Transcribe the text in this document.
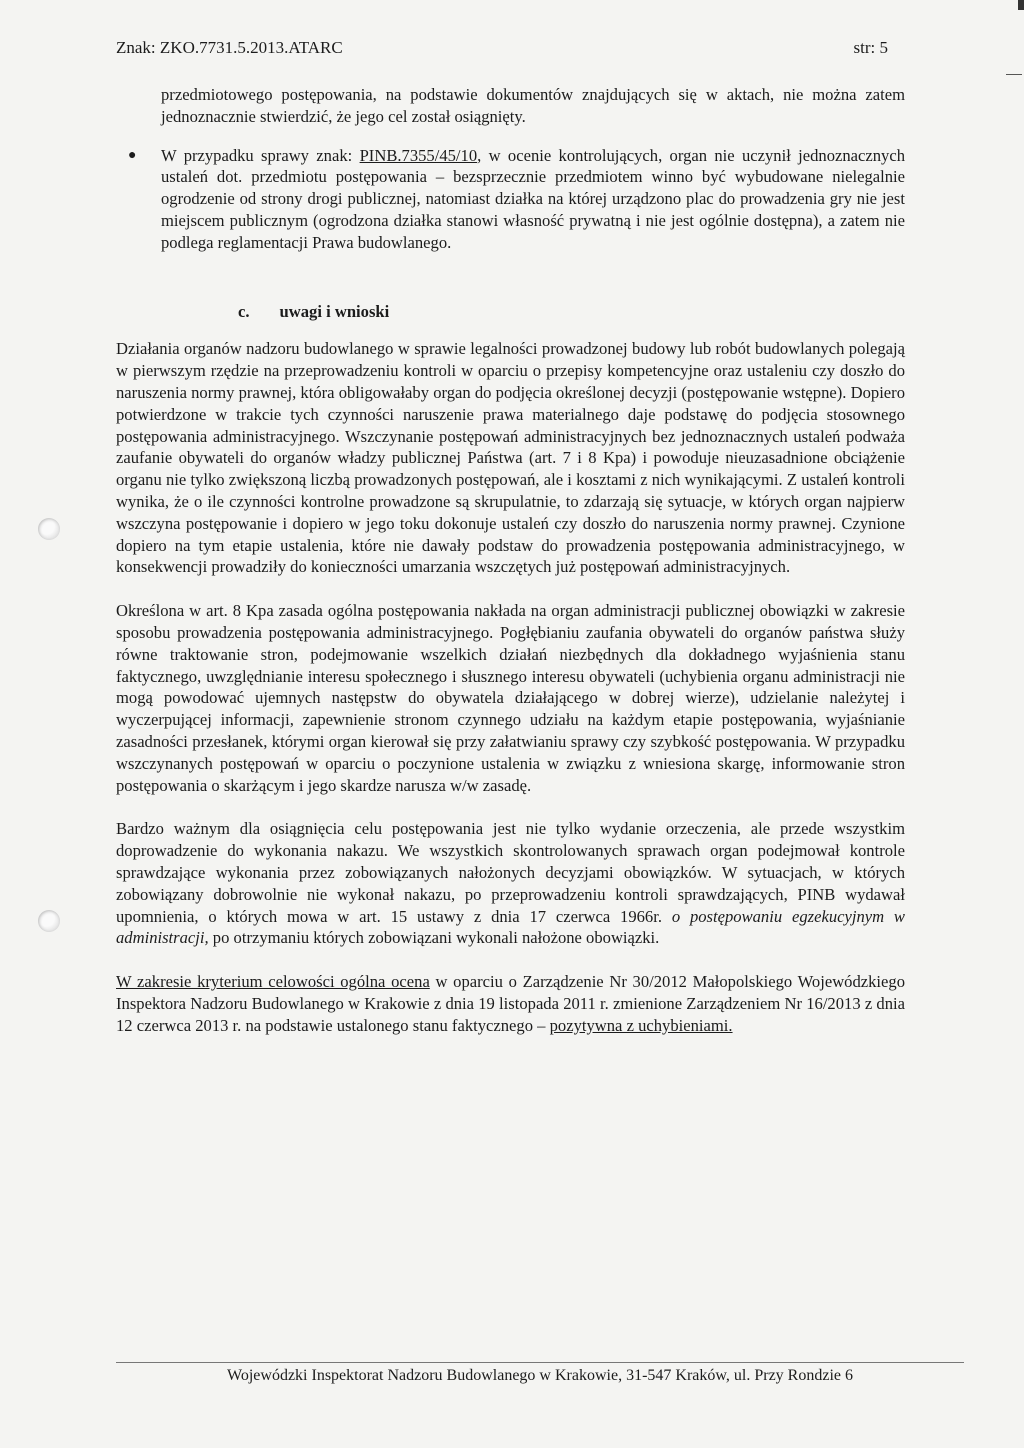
Znak: ZKO.7731.5.2013.ATARC	str: 5

przedmiotowego postępowania, na podstawie dokumentów znajdujących się w aktach, nie można zatem jednoznacznie stwierdzić, że jego cel został osiągnięty.

●	W przypadku sprawy znak: PINB.7355/45/10, w ocenie kontrolujących, organ nie uczynił jednoznacznych ustaleń dot. przedmiotu postępowania – bezsprzecznie przedmiotem winno być wybudowane nielegalnie ogrodzenie od strony drogi publicznej, natomiast działka na której urządzono plac do prowadzenia gry nie jest miejscem publicznym (ogrodzona działka stanowi własność prywatną i nie jest ogólnie dostępna), a zatem nie podlega reglamentacji Prawa budowlanego.
c. uwagi i wnioski

Działania organów nadzoru budowlanego w sprawie legalności prowadzonej budowy lub robót budowlanych polegają w pierwszym rzędzie na przeprowadzeniu kontroli w oparciu o przepisy kompetencyjne oraz ustaleniu czy doszło do naruszenia normy prawnej, która obligowałaby organ do podjęcia określonej decyzji (postępowanie wstępne). Dopiero potwierdzone w trakcie tych czynności naruszenie prawa materialnego daje podstawę do podjęcia stosownego postępowania administracyjnego. Wszczynanie postępowań administracyjnych bez jednoznacznych ustaleń podważa zaufanie obywateli do organów władzy publicznej Państwa (art. 7 i 8 Kpa) i powoduje nieuzasadnione obciążenie organu nie tylko zwiększoną liczbą prowadzonych postępowań, ale i kosztami z nich wynikającymi. Z ustaleń kontroli wynika, że o ile czynności kontrolne prowadzone są skrupulatnie, to zdarzają się sytuacje, w których organ najpierw wszczyna postępowanie i dopiero w jego toku dokonuje ustaleń czy doszło do naruszenia normy prawnej. Czynione dopiero na tym etapie ustalenia, które nie dawały podstaw do prowadzenia postępowania administracyjnego, w konsekwencji prowadziły do konieczności umarzania wszczętych już postępowań administracyjnych.

Określona w art. 8 Kpa zasada ogólna postępowania nakłada na organ administracji publicznej obowiązki w zakresie sposobu prowadzenia postępowania administracyjnego. Pogłębianiu zaufania obywateli do organów państwa służy równe traktowanie stron, podejmowanie wszelkich działań niezbędnych dla dokładnego wyjaśnienia stanu faktycznego, uwzględnianie interesu społecznego i słusznego interesu obywateli (uchybienia organu administracji nie mogą powodować ujemnych następstw do obywatela działającego w dobrej wierze), udzielanie należytej i wyczerpującej informacji, zapewnienie stronom czynnego udziału na każdym etapie postępowania, wyjaśnianie zasadności przesłanek, którymi organ kierował się przy załatwianiu sprawy czy szybkość postępowania. W przypadku wszczynanych postępowań w oparciu o poczynione ustalenia w związku z wniesiona skargę, informowanie stron postępowania o skarżącym i jego skardze narusza w/w zasadę.

Bardzo ważnym dla osiągnięcia celu postępowania jest nie tylko wydanie orzeczenia, ale przede wszystkim doprowadzenie do wykonania nakazu. We wszystkich skontrolowanych sprawach organ podejmował kontrole sprawdzające wykonania przez zobowiązanych nałożonych decyzjami obowiązków. W sytuacjach, w których zobowiązany dobrowolnie nie wykonał nakazu, po przeprowadzeniu kontroli sprawdzających, PINB wydawał upomnienia, o których mowa w art. 15 ustawy z dnia 17 czerwca 1966r. o postępowaniu egzekucyjnym w administracji, po otrzymaniu których zobowiązani wykonali nałożone obowiązki.

W zakresie kryterium celowości ogólna ocena w oparciu o Zarządzenie Nr 30/2012 Małopolskiego Wojewódzkiego Inspektora Nadzoru Budowlanego w Krakowie z dnia 19 listopada 2011 r. zmienione Zarządzeniem Nr 16/2013 z dnia 12 czerwca 2013 r. na podstawie ustalonego stanu faktycznego – pozytywna z uchybieniami.

Wojewódzki Inspektorat Nadzoru Budowlanego w Krakowie, 31-547 Kraków, ul. Przy Rondzie 6
